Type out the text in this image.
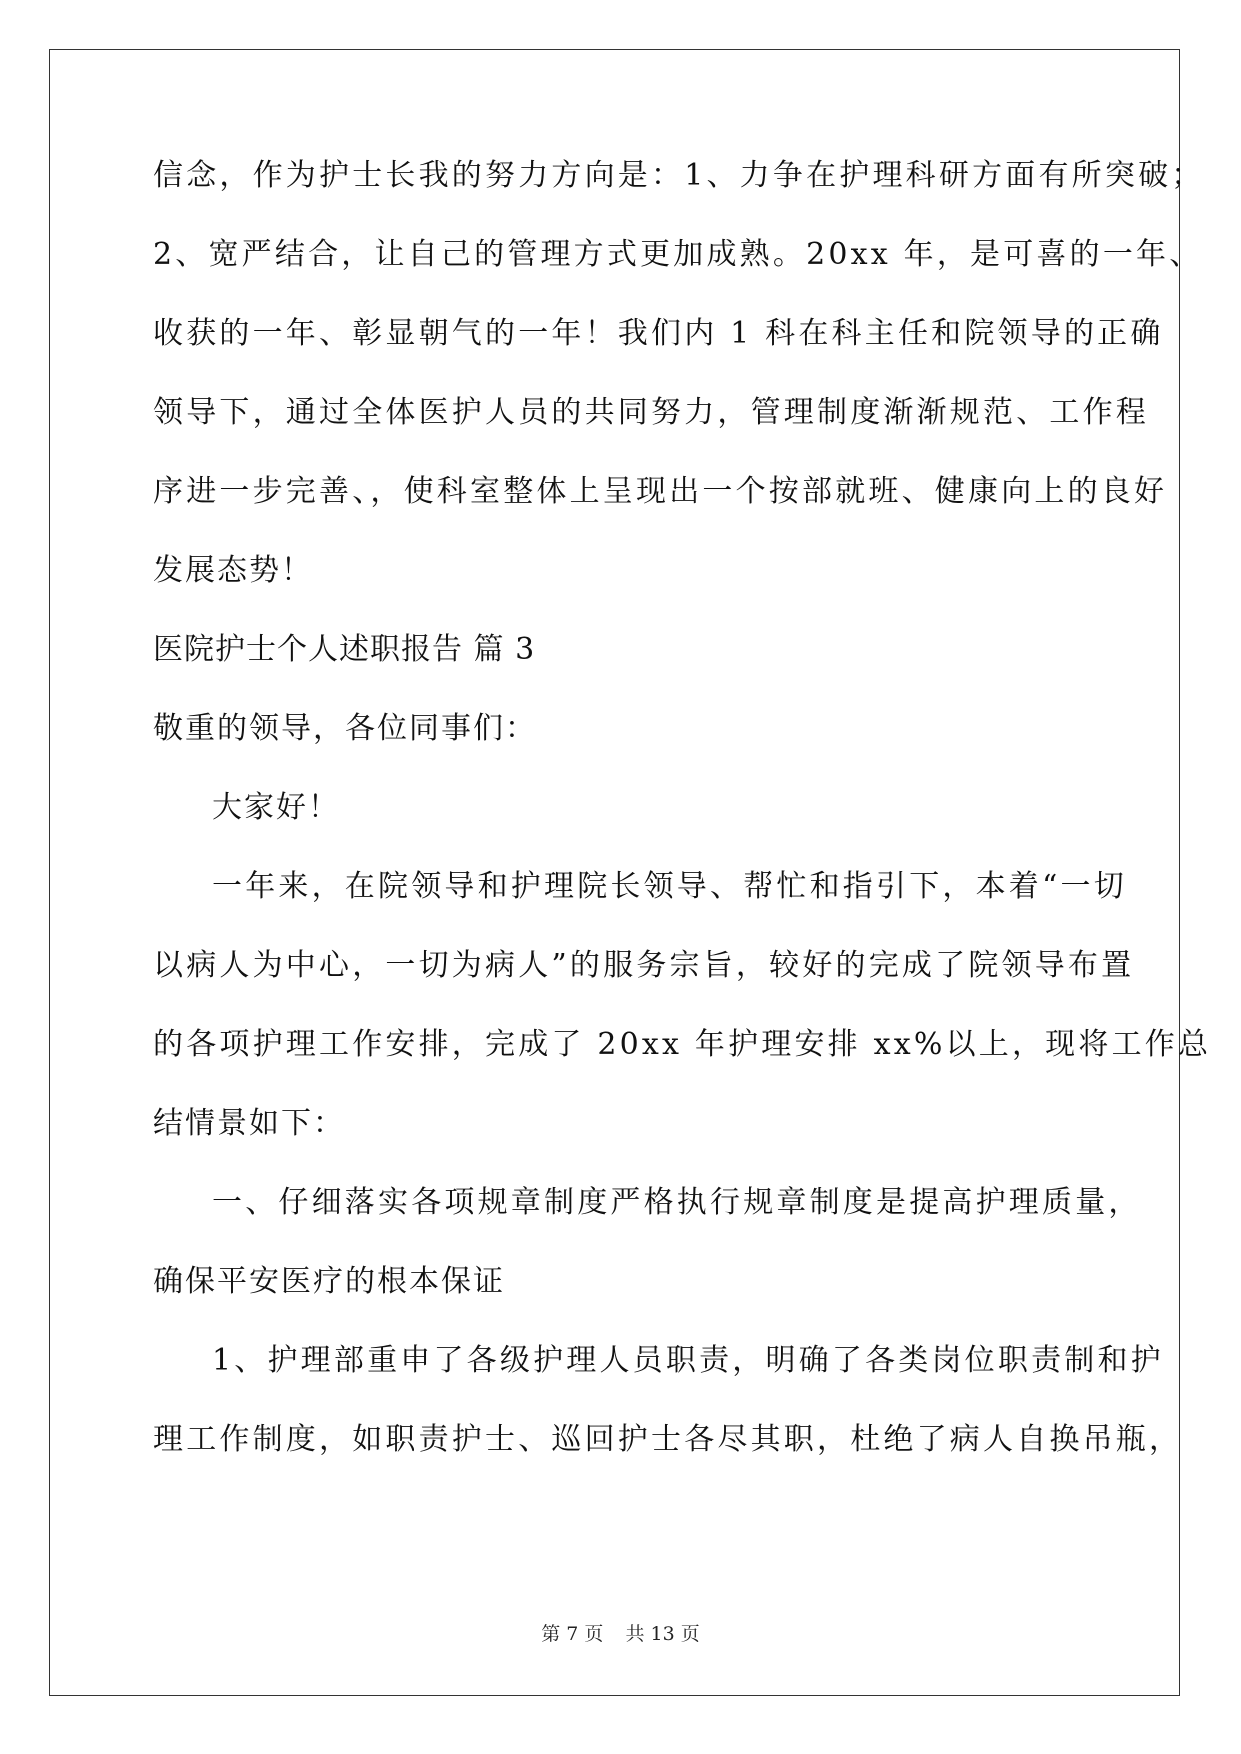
信念，作为护士长我的努力方向是：1、力争在护理科研方面有所突破；
2、宽严结合，让自己的管理方式更加成熟。20xx 年，是可喜的一年、
收获的一年、彰显朝气的一年！我们内 1 科在科主任和院领导的正确
领导下，通过全体医护人员的共同努力，管理制度渐渐规范、工作程
序进一步完善、，使科室整体上呈现出一个按部就班、健康向上的良好
发展态势！
医院护士个人述职报告 篇 3
敬重的领导，各位同事们：
大家好！
一年来，在院领导和护理院长领导、帮忙和指引下，本着“一切
以病人为中心，一切为病人”的服务宗旨，较好的完成了院领导布置
的各项护理工作安排，完成了 20xx 年护理安排 xx%以上，现将工作总
结情景如下：
一、仔细落实各项规章制度严格执行规章制度是提高护理质量，
确保平安医疗的根本保证
1、护理部重申了各级护理人员职责，明确了各类岗位职责制和护
理工作制度，如职责护士、巡回护士各尽其职，杜绝了病人自换吊瓶，
第 7 页 共 13 页
